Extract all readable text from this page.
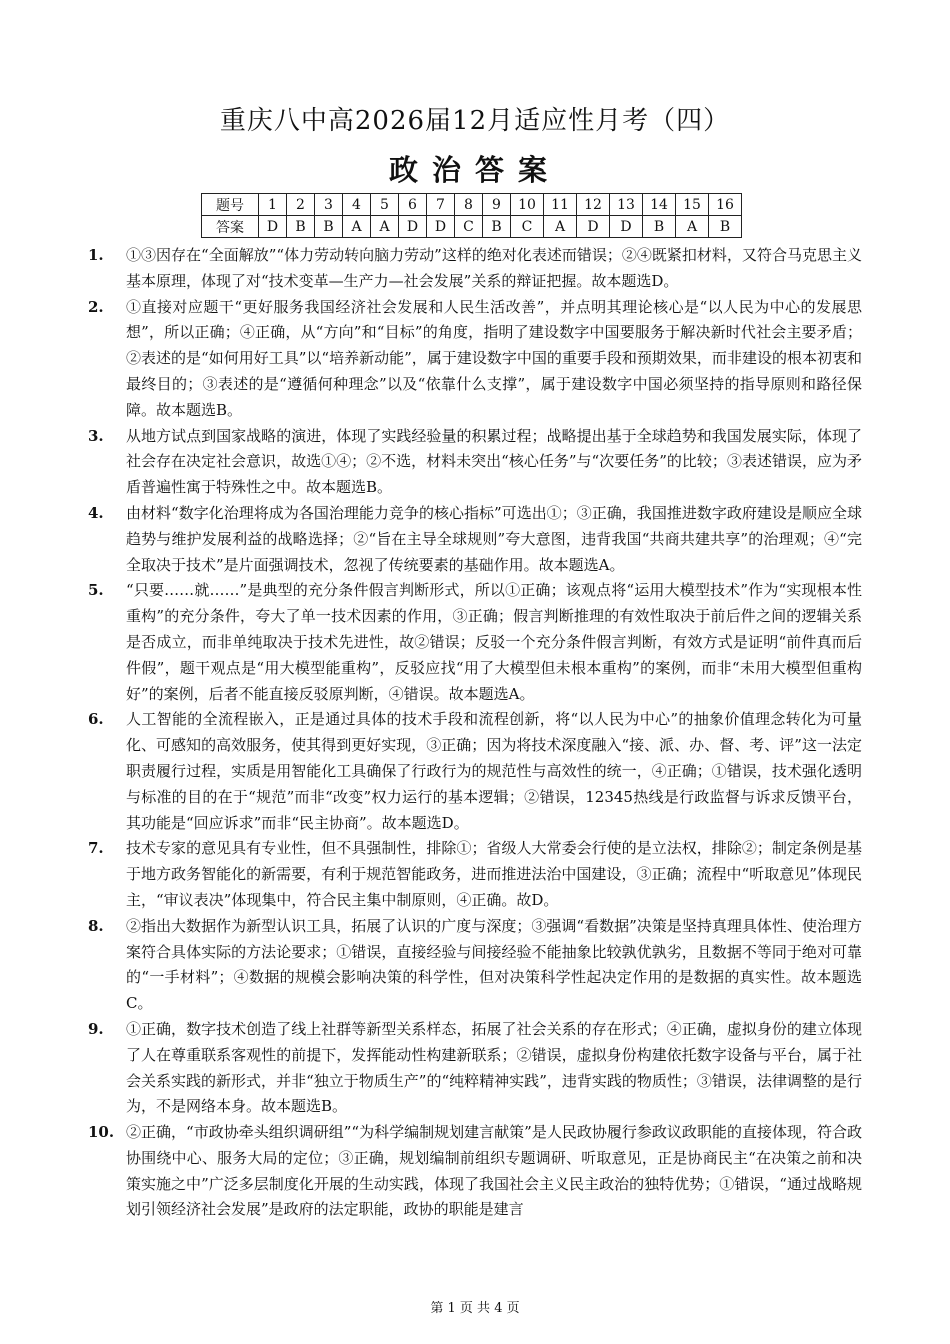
重庆八中高2026届12月适应性月考（四）
政治答案
题号	1	2	3	4	5	6	7	8	9	10	11	12	13	14	15	16
答案	D	B	B	A	A	D	D	C	B	C	A	D	D	B	A	B
1.	①③因存在“全面解放”“体力劳动转向脑力劳动”这样的绝对化表述而错误；②④既紧扣材料，又符合马克思主义基本原理，体现了对“技术变革—生产力—社会发展”关系的辩证把握。故本题选D。
2.	①直接对应题干“更好服务我国经济社会发展和人民生活改善”，并点明其理论核心是“以人民为中心的发展思想”，所以正确；④正确，从“方向”和“目标”的角度，指明了建设数字中国要服务于解决新时代社会主要矛盾；②表述的是“如何用好工具”以“培养新动能”，属于建设数字中国的重要手段和预期效果，而非建设的根本初衷和最终目的；③表述的是“遵循何种理念”以及“依靠什么支撑”，属于建设数字中国必须坚持的指导原则和路径保障。故本题选B。
3.	从地方试点到国家战略的演进，体现了实践经验量的积累过程；战略提出基于全球趋势和我国发展实际，体现了社会存在决定社会意识，故选①④；②不选，材料未突出“核心任务”与“次要任务”的比较；③表述错误，应为矛盾普遍性寓于特殊性之中。故本题选B。
4.	由材料“数字化治理将成为各国治理能力竞争的核心指标”可选出①；③正确，我国推进数字政府建设是顺应全球趋势与维护发展利益的战略选择；②“旨在主导全球规则”夸大意图，违背我国“共商共建共享”的治理观；④“完全取决于技术”是片面强调技术，忽视了传统要素的基础作用。故本题选A。
5.	“只要……就……”是典型的充分条件假言判断形式，所以①正确；该观点将“运用大模型技术”作为“实现根本性重构”的充分条件，夸大了单一技术因素的作用，③正确；假言判断推理的有效性取决于前后件之间的逻辑关系是否成立，而非单纯取决于技术先进性，故②错误；反驳一个充分条件假言判断，有效方式是证明“前件真而后件假”，题干观点是“用大模型能重构”，反驳应找“用了大模型但未根本重构”的案例，而非“未用大模型但重构好”的案例，后者不能直接反驳原判断，④错误。故本题选A。
6.	人工智能的全流程嵌入，正是通过具体的技术手段和流程创新，将“以人民为中心”的抽象价值理念转化为可量化、可感知的高效服务，使其得到更好实现，③正确；因为将技术深度融入“接、派、办、督、考、评”这一法定职责履行过程，实质是用智能化工具确保了行政行为的规范性与高效性的统一，④正确；①错误，技术强化透明与标准的目的在于“规范”而非“改变”权力运行的基本逻辑；②错误，12345热线是行政监督与诉求反馈平台，其功能是“回应诉求”而非“民主协商”。故本题选D。
7.	技术专家的意见具有专业性，但不具强制性，排除①；省级人大常委会行使的是立法权，排除②；制定条例是基于地方政务智能化的新需要，有利于规范智能政务，进而推进法治中国建设，③正确；流程中“听取意见”体现民主，“审议表决”体现集中，符合民主集中制原则，④正确。故D。
8.	②指出大数据作为新型认识工具，拓展了认识的广度与深度；③强调“看数据”决策是坚持真理具体性、使治理方案符合具体实际的方法论要求；①错误，直接经验与间接经验不能抽象比较孰优孰劣，且数据不等同于绝对可靠的“一手材料”；④数据的规模会影响决策的科学性，但对决策科学性起决定作用的是数据的真实性。故本题选C。
9.	①正确，数字技术创造了线上社群等新型关系样态，拓展了社会关系的存在形式；④正确，虚拟身份的建立体现了人在尊重联系客观性的前提下，发挥能动性构建新联系；②错误，虚拟身份构建依托数字设备与平台，属于社会关系实践的新形式，并非“独立于物质生产”的“纯粹精神实践”，违背实践的物质性；③错误，法律调整的是行为，不是网络本身。故本题选B。
10. ②正确，“市政协牵头组织调研组”“为科学编制规划建言献策”是人民政协履行参政议政职能的直接体现，符合政协围绕中心、服务大局的定位；③正确，规划编制前组织专题调研、听取意见，正是协商民主“在决策之前和决策实施之中”广泛多层制度化开展的生动实践，体现了我国社会主义民主政治的独特优势；①错误，“通过战略规划引领经济社会发展”是政府的法定职能，政协的职能是建言
第 1 页 共 4 页
